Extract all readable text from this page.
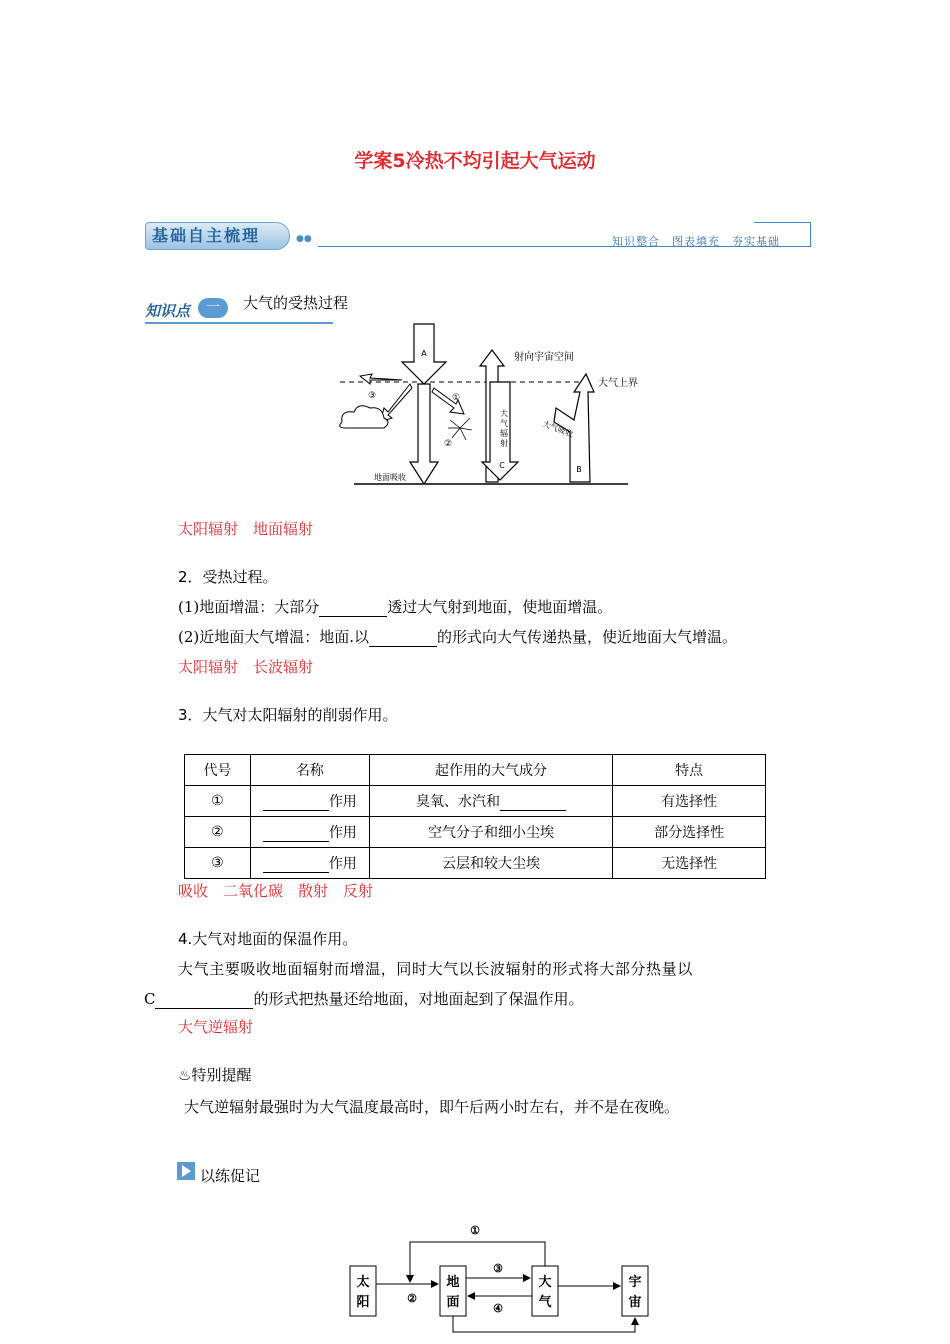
学案5冷热不均引起大气运动
基础自主梳理	●●	知识整合　图表填充　夯实基础
知识点	一	大气的受热过程
A
③	①
②
大
气
辐
射
C
射向宇宙空间
B
大气吸收
大气上界
地面吸收
太阳辐射　地面辐射
2．受热过程。
(1)地面增温：大部分	透过大气射到地面，使地面增温。
(2)近地面大气增温：地面.以	的形式向大气传递热量，使近地面大气增温。
太阳辐射　长波辐射
3．大气对太阳辐射的削弱作用。
代号	名称	起作用的大气成分	特点
①	作用	臭氧、水汽和	有选择性
②	作用	空气分子和细小尘埃	部分选择性
③	作用	云层和较大尘埃	无选择性
吸收　二氧化碳　散射　反射
4.大气对地面的保温作用。
大气主要吸收地面辐射而增温，同时大气以长波辐射的形式将大部分热量以
C	的形式把热量还给地面，对地面起到了保温作用。
大气逆辐射
♨特别提醒
大气逆辐射最强时为大气温度最高时，即午后两小时左右，并不是在夜晚。
以练促记
太
阳
地
面
大
气
宇
宙
①
②
③
④
